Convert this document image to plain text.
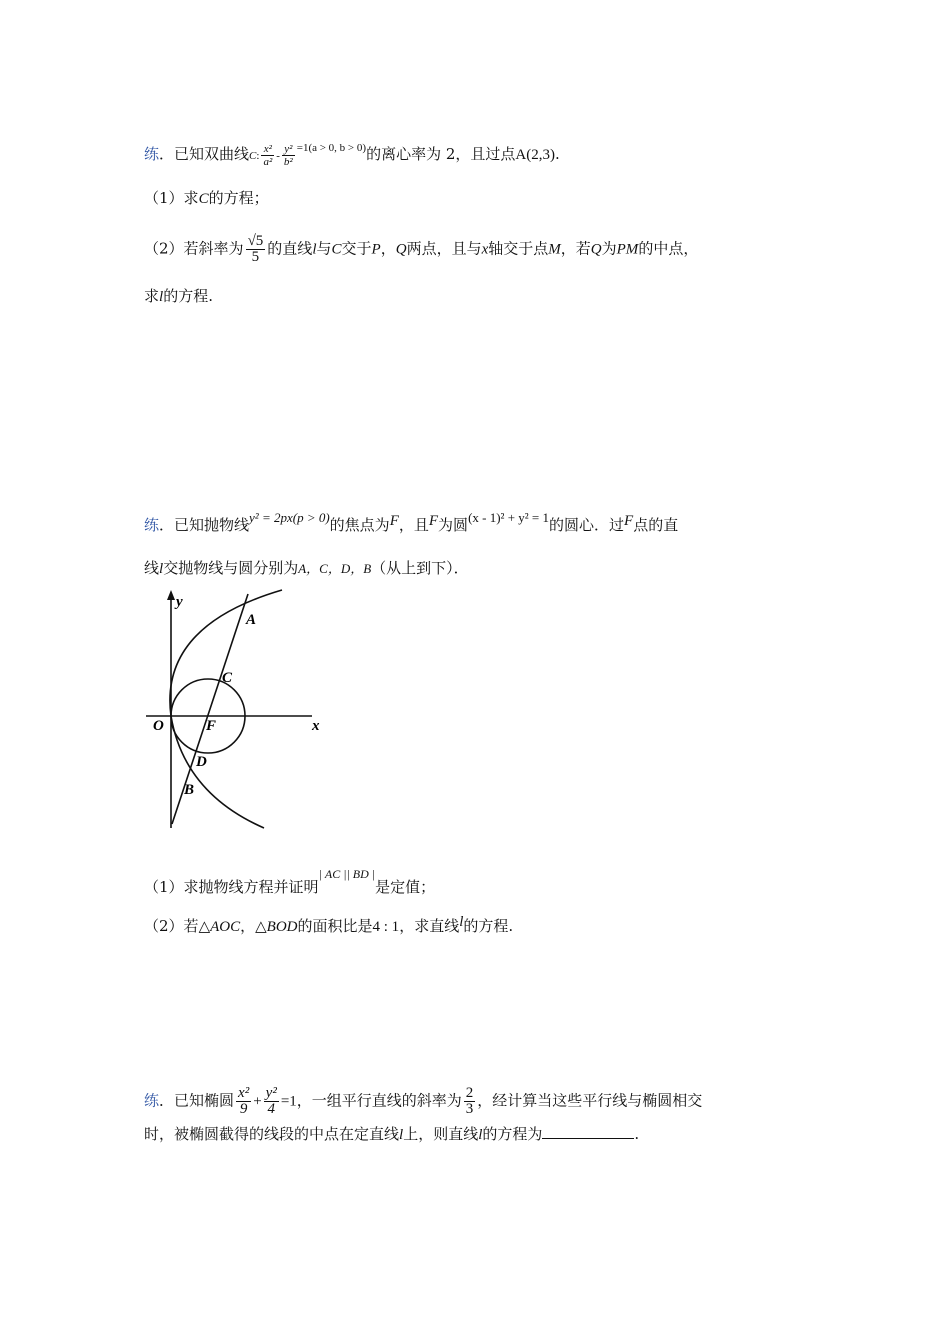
练．已知双曲线C: $\frac{\text{x²}}{\text{a²}} - \frac{\text{y²}}{\text{b²}} ^{=1(a > 0, b > 0)}$的离心率为 2，且过点A(2,3).
（1）求C的方程；
（2）若斜率为 $\frac{√5}{5}$ 的直线l与C交于P，Q两点，且与x轴交于点M，若Q为PM的中点，
求l的方程.
练．已知抛物线y² = 2px(p > 0)的焦点为F，且F为圆(x - 1)² + y² = 1的圆心．过F点的直
线l交抛物线与圆分别为A，C，D，B（从上到下）．
y
x
O	F
A
C
D
B
（1）求抛物线方程并证明$^{| AC || BD |}$是定值；
（2）若△AOC，△BOD的面积比是4 : 1，求直线l的方程.
练．已知椭圆 $\frac{\text{x²}}{9} + \frac{\text{y²}}{4} =1$，一组平行直线的斜率为 $\frac{2}{3}$ ，经计算当这些平行线与椭圆相交
时，被椭圆截得的线段的中点在定直线l上，则直线l的方程为	.
